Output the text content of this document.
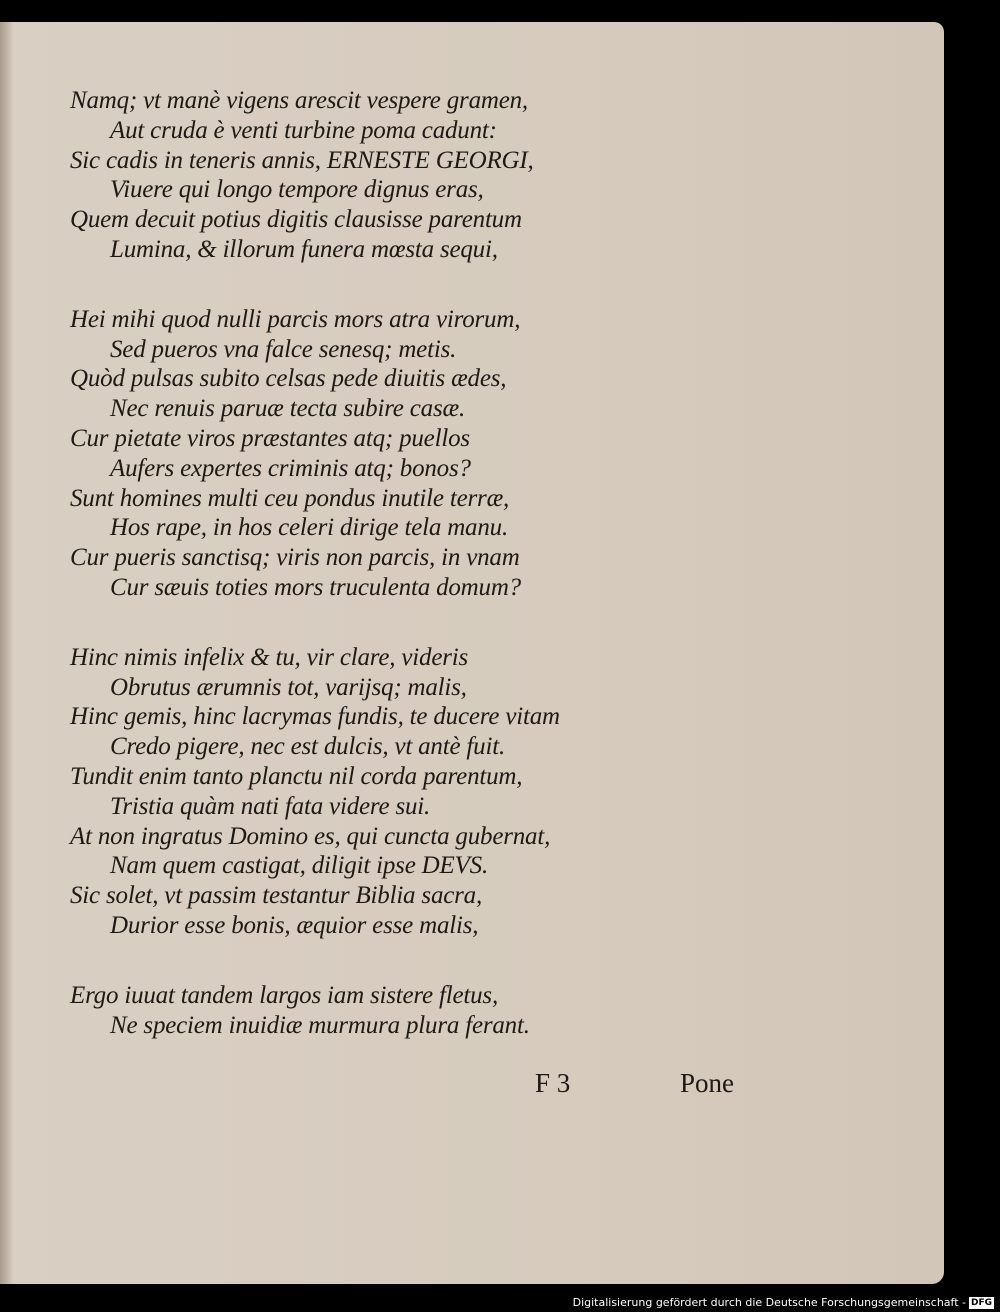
Namq; vt manè vigens arescit vespere gramen,
Aut cruda è venti turbine poma cadunt:
Sic cadis in teneris annis, ERNESTE GEORGI,
Viuere qui longo tempore dignus eras,
Quem decuit potius digitis clausisse parentum
Lumina, & illorum funera mœsta sequi,
Hei mihi quod nulli parcis mors atra virorum,
Sed pueros vna falce senesq; metis.
Quòd pulsas subito celsas pede diuitis ædes,
Nec renuis paruæ tecta subire casæ.
Cur pietate viros præstantes atq; puellos
Aufers expertes criminis atq; bonos?
Sunt homines multi ceu pondus inutile terræ,
Hos rape, in hos celeri dirige tela manu.
Cur pueris sanctisq; viris non parcis, in vnam
Cur sæuis toties mors truculenta domum?
Hinc nimis infelix & tu, vir clare, videris
Obrutus ærumnis tot, varijsq; malis,
Hinc gemis, hinc lacrymas fundis, te ducere vitam
Credo pigere, nec est dulcis, vt antè fuit.
Tundit enim tanto planctu nil corda parentum,
Tristia quàm nati fata videre sui.
At non ingratus Domino es, qui cuncta gubernat,
Nam quem castigat, diligit ipse DEVS.
Sic solet, vt passim testantur Biblia sacra,
Durior esse bonis, æquior esse malis,
Ergo iuuat tandem largos iam sistere fletus,
Ne speciem inuidiæ murmura plura ferant.
F 3	Pone
Digitalisierung gefördert durch die Deutsche Forschungsgemeinschaft - DFG
